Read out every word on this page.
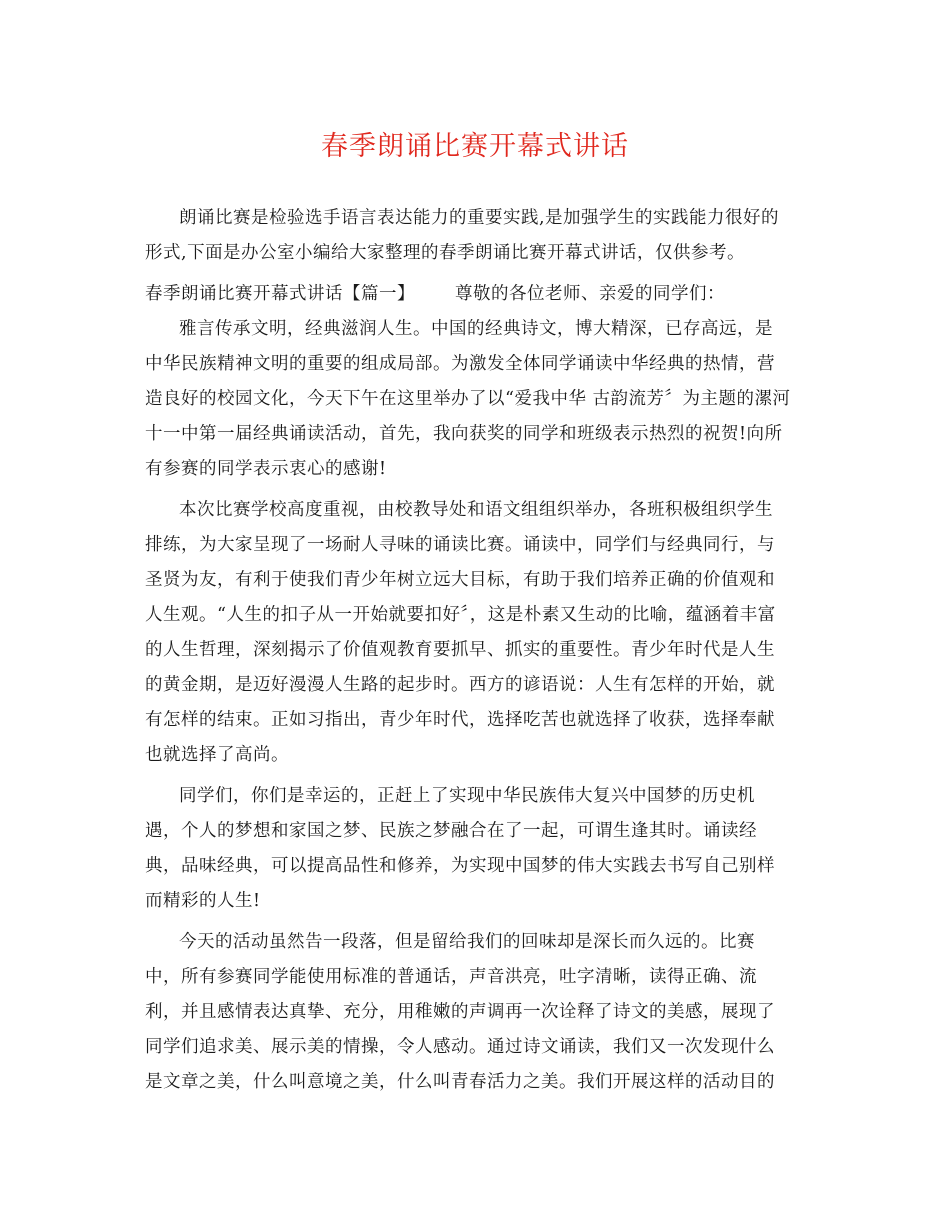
春季朗诵比赛开幕式讲话
朗诵比赛是检验选手语言表达能力的重要实践,是加强学生的实践能力很好的
形式,下面是办公室小编给大家整理的春季朗诵比赛开幕式讲话，仅供参考。
春季朗诵比赛开幕式讲话【篇一】 尊敬的各位老师、亲爱的同学们：
雅言传承文明，经典滋润人生。中国的经典诗文，博大精深，已存高远，是
中华民族精神文明的重要的组成局部。为激发全体同学诵读中华经典的热情，营
造良好的校园文化，今天下午在这里举办了以“爱我中华 古韵流芳〞为主题的漯河
十一中第一届经典诵读活动，首先，我向获奖的同学和班级表示热烈的祝贺!向所
有参赛的同学表示衷心的感谢!
本次比赛学校高度重视，由校教导处和语文组组织举办，各班积极组织学生
排练，为大家呈现了一场耐人寻味的诵读比赛。诵读中，同学们与经典同行，与
圣贤为友，有利于使我们青少年树立远大目标，有助于我们培养正确的价值观和
人生观。“人生的扣子从一开始就要扣好〞，这是朴素又生动的比喻，蕴涵着丰富
的人生哲理，深刻揭示了价值观教育要抓早、抓实的重要性。青少年时代是人生
的黄金期，是迈好漫漫人生路的起步时。西方的谚语说：人生有怎样的开始，就
有怎样的结束。正如习指出，青少年时代，选择吃苦也就选择了收获，选择奉献
也就选择了高尚。
同学们，你们是幸运的，正赶上了实现中华民族伟大复兴中国梦的历史机
遇，个人的梦想和家国之梦、民族之梦融合在了一起，可谓生逢其时。诵读经
典，品味经典，可以提高品性和修养，为实现中国梦的伟大实践去书写自己别样
而精彩的人生!
今天的活动虽然告一段落，但是留给我们的回味却是深长而久远的。比赛
中，所有参赛同学能使用标准的普通话，声音洪亮，吐字清晰，读得正确、流
利，并且感情表达真挚、充分，用稚嫩的声调再一次诠释了诗文的美感，展现了
同学们追求美、展示美的情操，令人感动。通过诗文诵读，我们又一次发现什么
是文章之美，什么叫意境之美，什么叫青春活力之美。我们开展这样的活动目的
